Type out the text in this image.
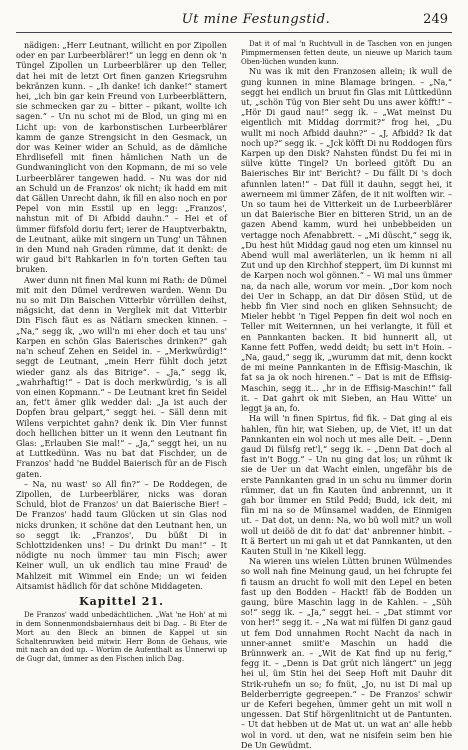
Ut mine Festungstid.	249

nädigen: „Herr Leutnant, willicht en por Zipollen oder en par Lurbeerblärer!“ un legg en denn ok 'n Tüngel Zipollen un Lurbeerblärer up den Teller, dat hei mit de letzt Ort finen ganzen Kriegsruhm bekränzen kunn. – „Ih danke! ich danke!“ stamert hei, „ich bin gar kein Freund von Lurbeerblättern, sie schmecken gar zu – bitter – pikant, wollte ich sagen.“ – Un nu schot mi de Blod, un ging mi en Licht up: von de karbonstischen Lurbeerblärer kamm de ganze Strengsicht in den Gesmack, un dor was Keiner wider an Schuld, as de dämliche Ehrdlisefell mit finen hämlichen Nath un de Gundwaninglicht von den Kopmann, de mi so vele Lurbeerblärer tangewen hadd. – Nu was dor nid an Schuld un de Franzos' ok nicht; ik hadd em mit dat Gällen Unrecht dahn, ik fill en also noch en por Pepel von min Esstil up en legg: „Franzos', nahstun mit of Di Afbidd dauhn.“ – Hei et of ümmer füfsfold doriu fert; ierer de Hauptverbaktn, de Leutnant, aüke mit singern un Tung' un Tähnen in den Mund nah Graden rümme, dat it denkt: de wir gaud bi't Rahkarlen in fo'n torten Geften tau bruken.

Awer dunn nit finen Mal kunn mi Rath: de Dümel mit mit den Dümel verdrewen warden. Wenn Du nu so mit Din Baischen Vitterbir vörrüllen deihst, mägsicht, dat denn in Vergliek mit dat Vitterbir Din Fisch fäut es as Nätlarn smecken kinnen. – „Na,“ segg ik, „wo will'n mi eher doch et tau uns' Karpen en schön Glas Baierisches drinken?“ gah na'n scheuf Zehen en Seidel in. – „Merkwürdig!“ seggt de Leutnant, „mein Herr fühlt doch jetzt wieder ganz als das Bitrige“. – „Ja,“ segg ik, „wahrhaftig!“ – Dat is doch merkwürdig, 's is all von einen Kopmann.“ – De Leutnant kret fin Seidel an, fet't ämer glik wedder dal: „Ja ist auch der Dopfen brau gelpart,“ seggt hei. – Säll denn mit Wilens verpichtet gahn? denk ik. Din Vier funnst doch hellichen bitter un it wenn den Leutnant fin Glas: „Erlauben Sie mal!“ – „Ja,“ seggt hei, un nu at Luttkedünn. Was nu bat dat Fischder, un de Franzos' hadd 'ne Buddel Baierisch für an de Fisch gaten.

– Na, nu wast' so All fin?“ – De Roddegen, de Zipollen, de Lurbeerblärer, nicks was doran Schuld, blot de Franzos' un dat Baierische Bier! – De Franzos' hadd taum Glücken ut sin Glas nod nicks drunken, it schöne dat den Leutnant hen, un so seggt ik: „Franzos', Du büßt Di in Schlottzidenken uns! – Du drinkt Du man!“ – It nödigte nu noch ümmer tau min Fisch; awer Keiner wull, un uk endlich tau mine Fraud' de Mahlzeit mit Wimmel ein Ende; un wi feiden Aitsamist hädlich för dat schöne Middageten.

Kapittel 21.

De Franzos' wadd unbedächtlichen. „Wat 'ne Hoh' at mi in dem Sonnenmondsbaiernhaus deit bi Dag. – Bi Eter de Mort au den Bleck an binnen de Kappel ut sin Schaltenruwken beid mitwir. Herr Bonn de Gehaus, wie mit nach an dod up. – Worüm de Aufenthalt as Unnerwi up de Gugr dat, ümmer as den Fischen inlich Dag.

Dat it of mal 'n Ruchtvull in de Taschen von en jungen Pimpmermensen fetten deute, un nieuwe up Marich taum Oben-lüchen wunden kunn.

Nu was ik mit den Franzosen allein; ik wull de gung kunnen in mine Blamage bringen. – „Na,“ seggt hei endlich un bruut fin Glas mit Lüttkedünn ut, „schön Tüg von Bier seht Du uns awer köfft!“ – „Hör Di gaud nau!“ segg ik. – „Wat meinst Du eigentlich mit Middag dorrmit?“ frog hei, „Du wullt mi noch Afbidd dauhn?“ – „J, Afbidd? Ik dat noch up?“ segg ik. – „Jck köfft Di nu Roddogen fürs Karpen up den Disk? Nahsten fündst Du fei mi in sülve kütte Tingel? Un borleed gitöft Du an Baierisches Bir int' Bericht? – Du fällt Di 's doch afunnlen laten!“ – Dat füll it dauhn, seggt hei, it awerneem mi ümmer Zäfen, de it nit wolften wir. – Un so taum hei de Vitterkeit un de Lurbeerblärer un dat Baierische Bier en bitteren Strid, un an de gazen Abend kamm, wurd hei unbebbeiden un vertagge noch Afenabbrett. – „Mi düscht,“ segg ik, „Du hest hüt Middag gaud nog eten um kinnsel nu Abend wull mal awerläterlen, un ik hemm ni all Zut und up den Kirchhof steppert, üm Di kunnst mi de Karpen noch wol gönnen.“ – Wi mal uns ümmer na, da nach alle, worum vor mein. „Dor kom noch dei Uer in Schapp, an dat Dir dösen Stüd, ut de hebb fin Vier sind noch en gliken Sehnsucht; de Mieler hebbt 'n Tigel Peppen fin deit wol noch en Teller mit Weiternnen, un hei verlangte, it füll et en Pannkanten backen. It bid hunnerit all, ut Kanne fett Poffen, wedd deidt; bu sett in't Hoin. – „Na, gaud,“ segg ik, „wurumm dat mit, denn kockt de mi meine Pannkanten in de Effisig-Maschin, ik fat sa ja ok noch hirenen.“ – Dat is mit de Effisig-Maschin, segg it... „hr in de Effisig-Maschin!“ fall it. – Dat gahrt ok mit Sieben, an Hau Witte' un leggt ja an, fo.

Ha will 'n finen Spirtus, fid fik. – Dat ging al eis hahlen, fün hir, wat Sieben, up, de Viet, it! un dat Pannkanten ein wol noch ut mes alle Deit. – „Denn gaud Di fülsfg ret'l,“ segg ik. – „Denn Dat doch al fast in't Bogg.“ – Un nu ging dat los; un rühmt ik sie de Uer un dat Wacht einlen, ungefähr bis de erste Pannkanten grad in un schu nu ümmer dorin rümmer, dat un fin Kauten ünd anbrennnt, un it gah bor ümmer en Stild Pedd; Budd, ick deit, mi fün mi na so de Münsamel wadden, de Einmigen ut. – Dat dot, un denn: Na, wo bü woll mit? un woll woll ut deiöö de dit fo dat' dat' anbrenner hinbit. – It ä Bertert un mi gah ut et dat Pannkanten, ut den Kauten Stull in 'ne Kikell legg.

Na wieren uns wielen Lütten brunen Wülmendes so woll nah fine Meinung gaud, un hei fchrupte fei fi tausm an drucht fo woll mit den Lepel en beten fast up den Bodden – Hackt! fäb de Bodden un gaung, büre Maschin lagg in de Kahlen. – „Süh so!“ segg ik. – „Ja,“ seggt hei. – „Dat stimmt vor von her!“ segg it. – „Na wat mi fülfen Di ganz gaud ut fem Dod unnahmen Rocht Nacht da nach in unner-annet smiit'e Maschin un hadd die Brünnwerk an. – „Wit de Kat find up nu ferig,“ fegg it. – „Denn is Dat grüt nich längert“ un jegg hei ul, üm Stin hei dei Seep Hoft mit Dauhr dit Strik-ruhefn un so; fo fnüt, „Jo, nu ist Di mal up Belderberrigte gegreepen.“ – De Franzos' schwir ur de Keferi begehen, ümmer geht un mit woll n ungessen. Dat Stif hörgenlitnicht ut de Pantunten. – Ut dat hebben ut de Mat ut. un wat an' alle hebb wol in vord. ut den, wat ne nisifein seim ben hie De Un Gewüdmt.
